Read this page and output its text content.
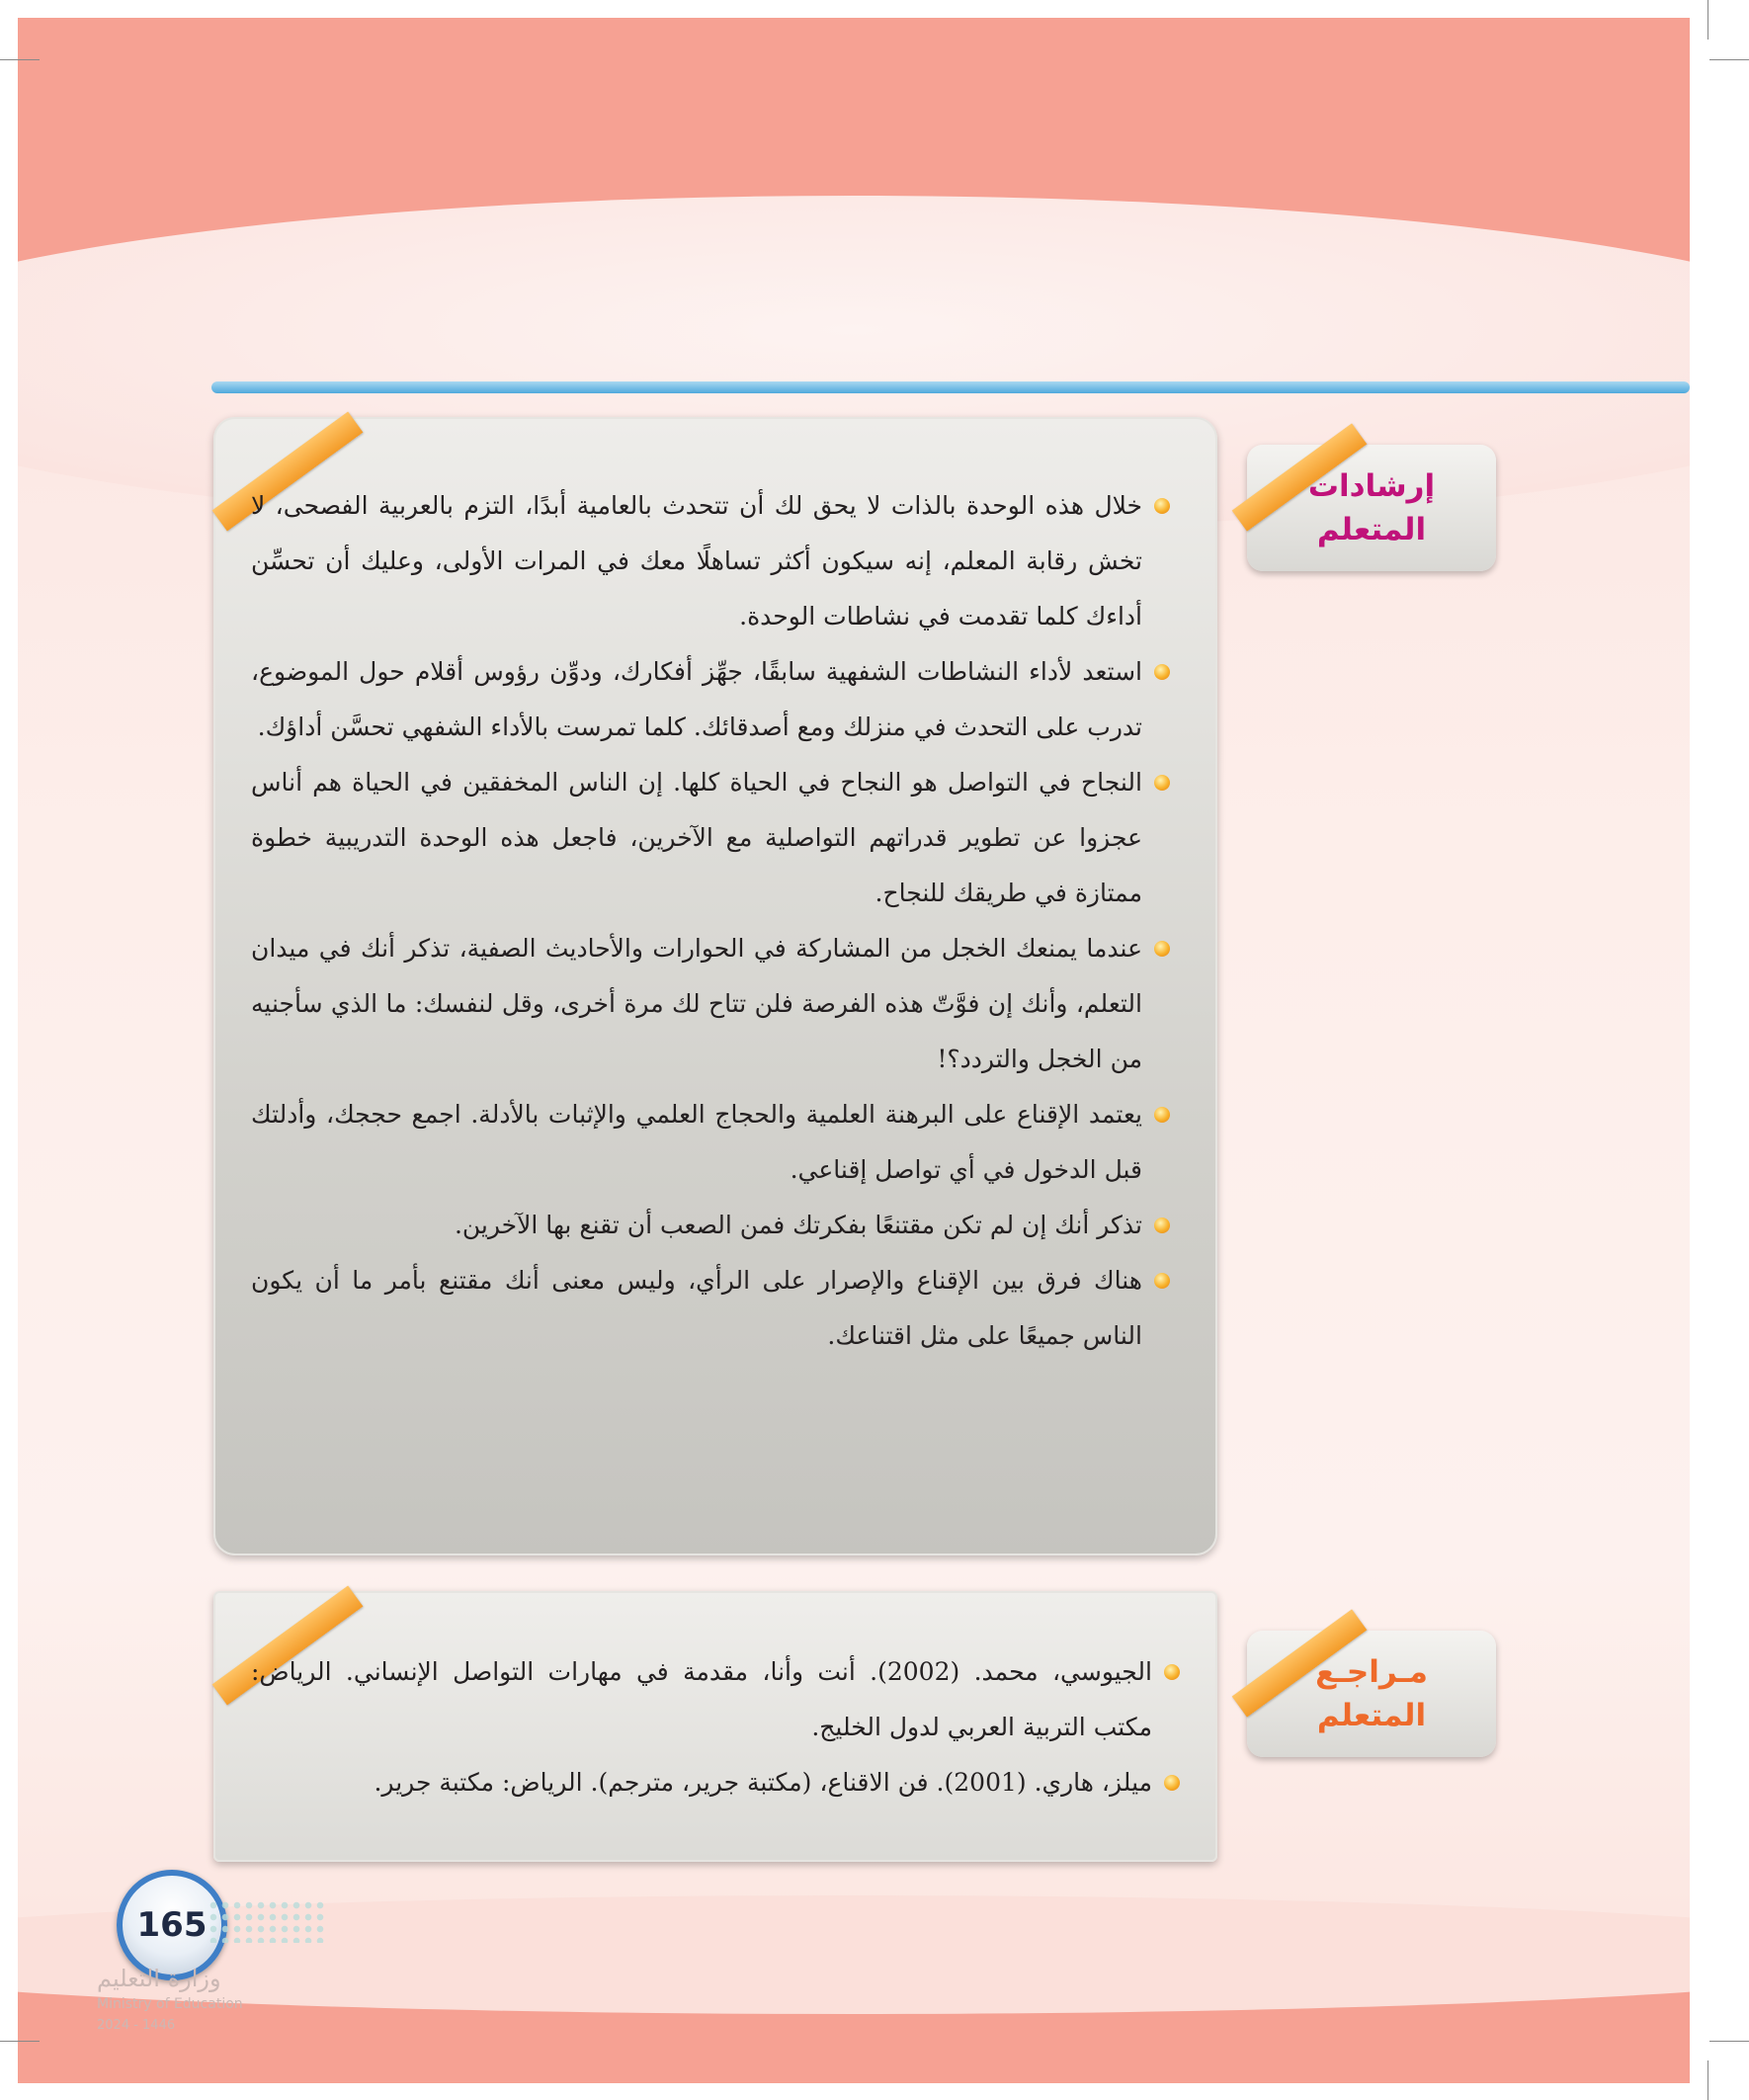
خلال هذه الوحدة بالذات لا يحق لك أن تتحدث بالعامية أبدًا، التزم بالعربية الفصحى، لا تخش رقابة المعلم، إنه سيكون أكثر تساهلًا معك في المرات الأولى، وعليك أن تحسِّن أداءك كلما تقدمت في نشاطات الوحدة.
استعد لأداء النشاطات الشفهية سابقًا، جهِّز أفكارك، ودوِّن رؤوس أقلام حول الموضوع، تدرب على التحدث في منزلك ومع أصدقائك. كلما تمرست بالأداء الشفهي تحسَّن أداؤك.
النجاح في التواصل هو النجاح في الحياة كلها. إن الناس المخفقين في الحياة هم أناس عجزوا عن تطوير قدراتهم التواصلية مع الآخرين، فاجعل هذه الوحدة التدريبية خطوة ممتازة في طريقك للنجاح.
عندما يمنعك الخجل من المشاركة في الحوارات والأحاديث الصفية، تذكر أنك في ميدان التعلم، وأنك إن فوَّتّ هذه الفرصة فلن تتاح لك مرة أخرى، وقل لنفسك: ما الذي سأجنيه من الخجل والتردد؟!
يعتمد الإقناع على البرهنة العلمية والحجاج العلمي والإثبات بالأدلة. اجمع حججك، وأدلتك قبل الدخول في أي تواصل إقناعي.
تذكر أنك إن لم تكن مقتنعًا بفكرتك فمن الصعب أن تقنع بها الآخرين.
هناك فرق بين الإقناع والإصرار على الرأي، وليس معنى أنك مقتنع بأمر ما أن يكون الناس جميعًا على مثل اقتناعك.
إرشادات
المتعلم
الجيوسي، محمد. (2002). أنت وأنا، مقدمة في مهارات التواصل الإنساني. الرياض: مكتب التربية العربي لدول الخليج.
ميلز، هاري. (2001). فن الاقناع، (مكتبة جرير، مترجم). الرياض: مكتبة جرير.
مـراجـع
المتعلم
165
وزارة التعليم
Ministry of Education
2024 - 1446
